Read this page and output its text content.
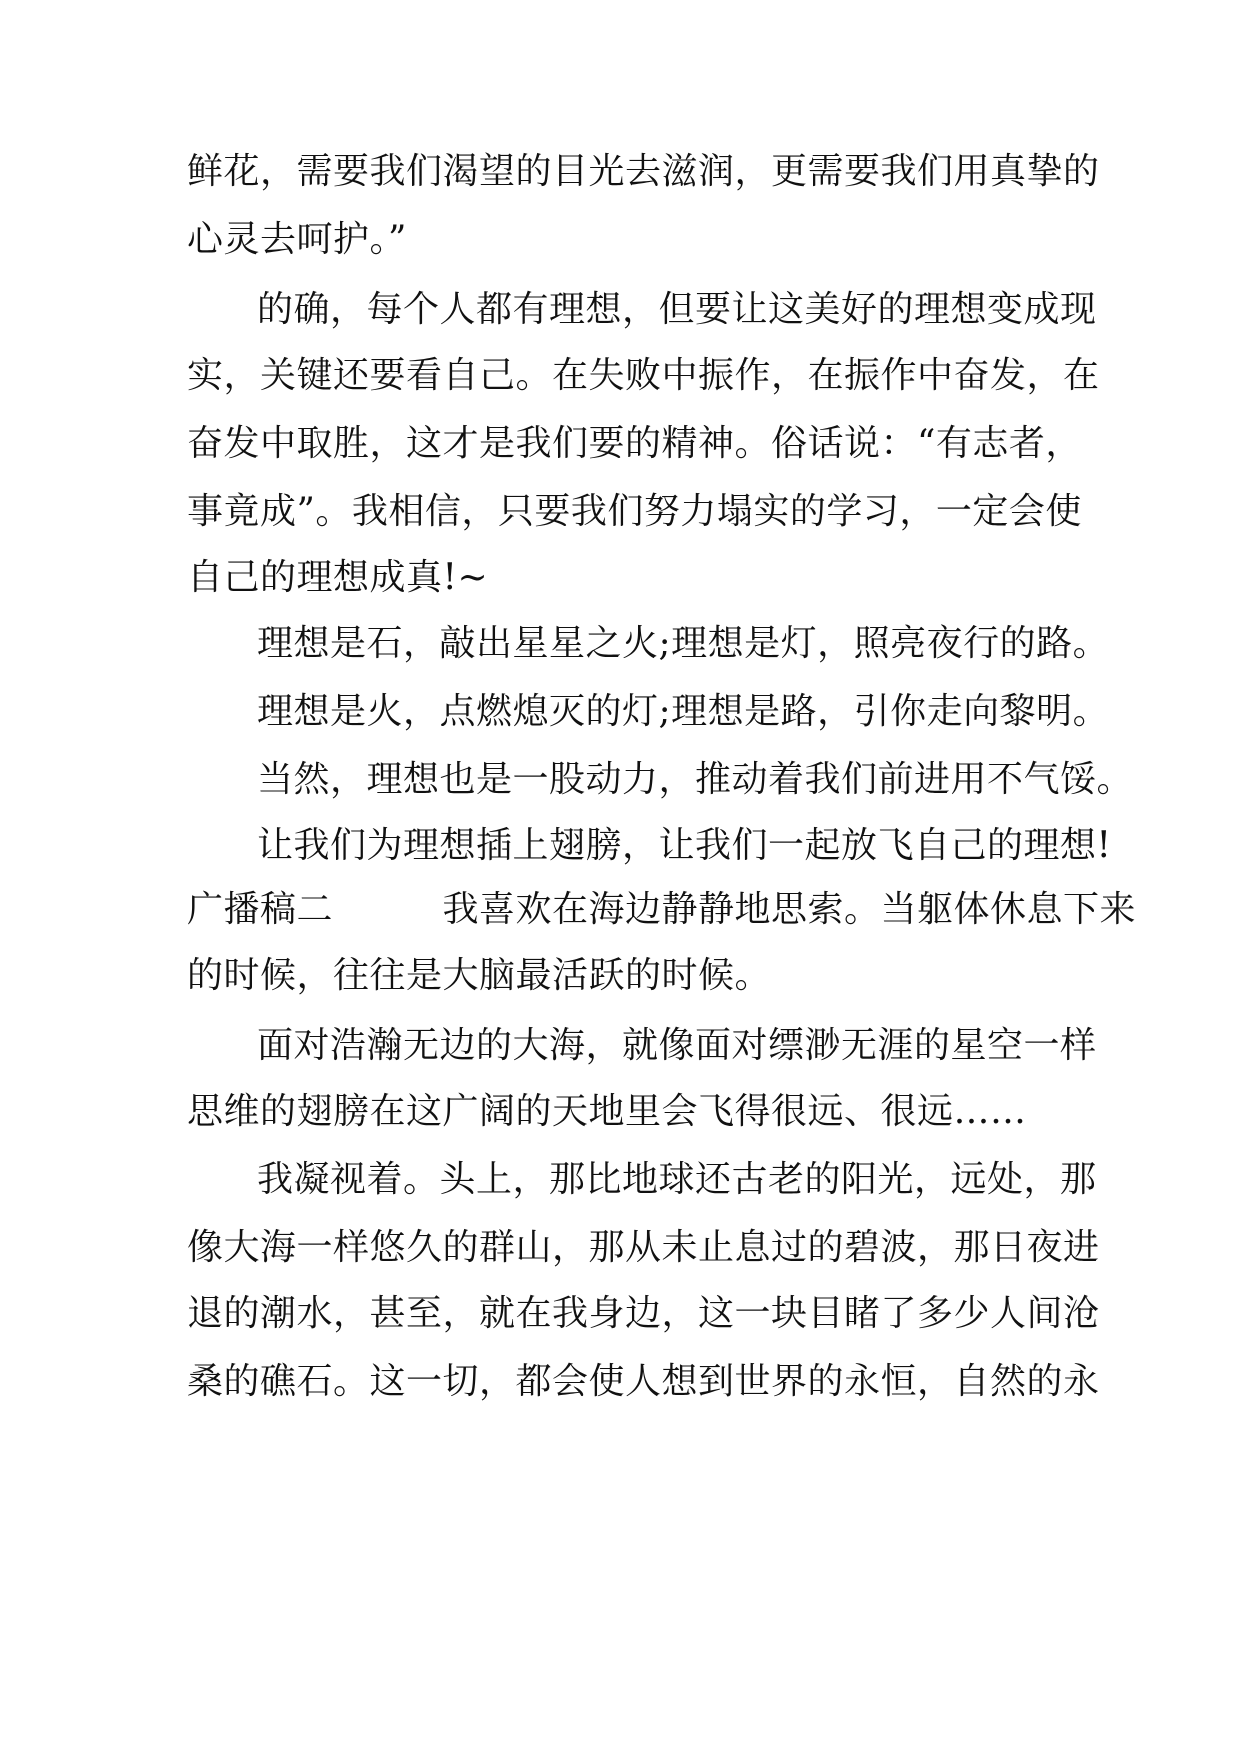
鲜花，需要我们渴望的目光去滋润，更需要我们用真挚的
心灵去呵护。”
的确，每个人都有理想，但要让这美好的理想变成现
实，关键还要看自己。在失败中振作，在振作中奋发，在
奋发中取胜，这才是我们要的精神。俗话说：“有志者，
事竟成”。我相信，只要我们努力塌实的学习，一定会使
自己的理想成真!~
理想是石，敲出星星之火;理想是灯，照亮夜行的路。
理想是火，点燃熄灭的灯;理想是路，引你走向黎明。
当然，理想也是一股动力，推动着我们前进用不气馁。
让我们为理想插上翅膀，让我们一起放飞自己的理想!
广播稿二　　　我喜欢在海边静静地思索。当躯体休息下来
的时候，往往是大脑最活跃的时候。
面对浩瀚无边的大海，就像面对缥渺无涯的星空一样
思维的翅膀在这广阔的天地里会飞得很远、很远……
我凝视着。头上，那比地球还古老的阳光，远处，那
像大海一样悠久的群山，那从未止息过的碧波，那日夜进
退的潮水，甚至，就在我身边，这一块目睹了多少人间沧
桑的礁石。这一切，都会使人想到世界的永恒，自然的永
